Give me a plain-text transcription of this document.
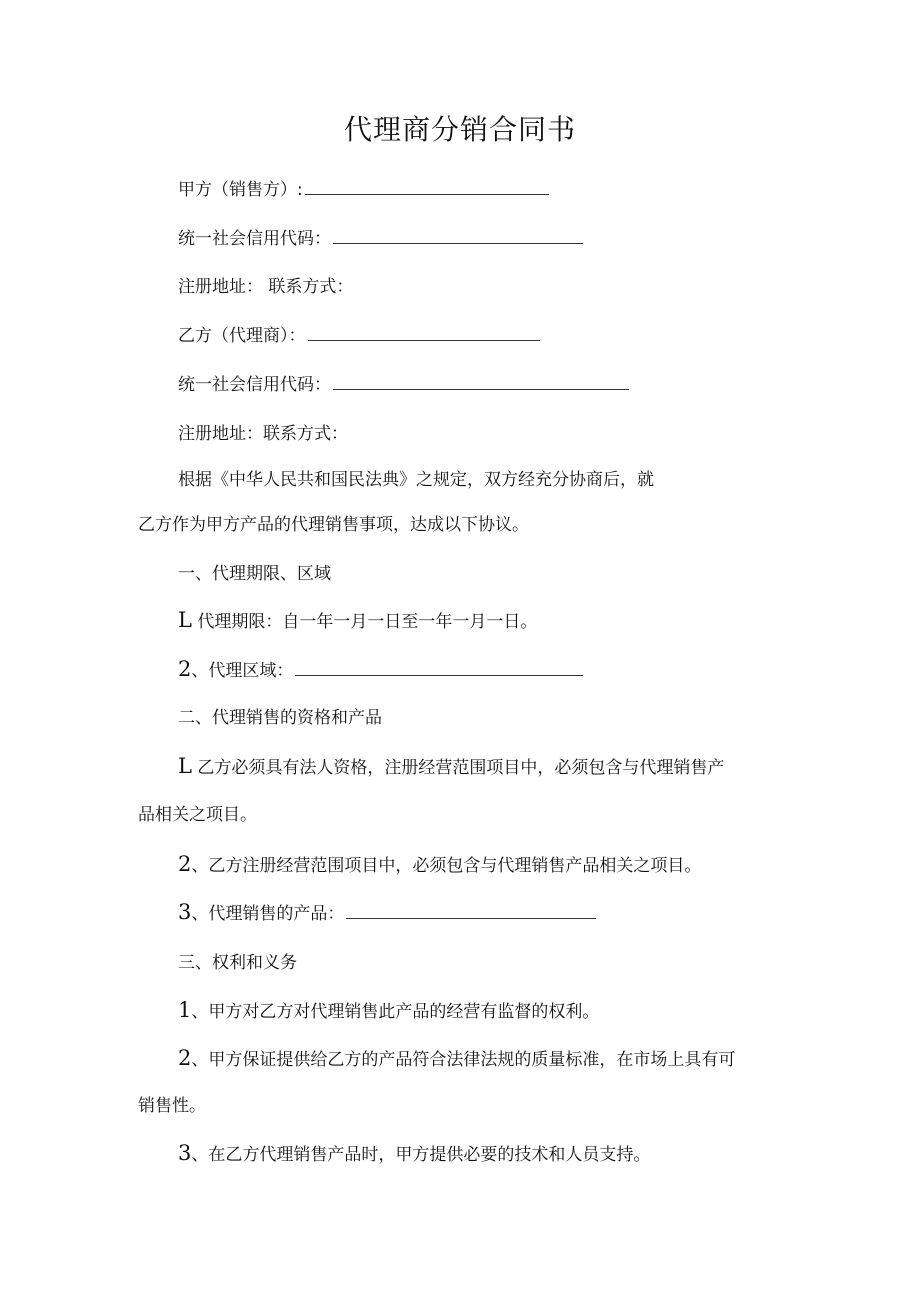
代理商分销合同书
甲方（销售方）:
统一社会信用代码：
注册地址： 联系方式：
乙方（代理商）：
统一社会信用代码：
注册地址：联系方式：
根据《中华人民共和国民法典》之规定，双方经充分协商后，就
乙方作为甲方产品的代理销售事项，达成以下协议。
一、代理期限、区域
L 代理期限：自一年一月一日至一年一月一日。
2、代理区域：
二、代理销售的资格和产品
L 乙方必须具有法人资格，注册经营范围项目中，必须包含与代理销售产
品相关之项目。
2、乙方注册经营范围项目中，必须包含与代理销售产品相关之项目。
3、代理销售的产品：
三、权利和义务
1、甲方对乙方对代理销售此产品的经营有监督的权利。
2、甲方保证提供给乙方的产品符合法律法规的质量标准，在市场上具有可
销售性。
3、在乙方代理销售产品时，甲方提供必要的技术和人员支持。
